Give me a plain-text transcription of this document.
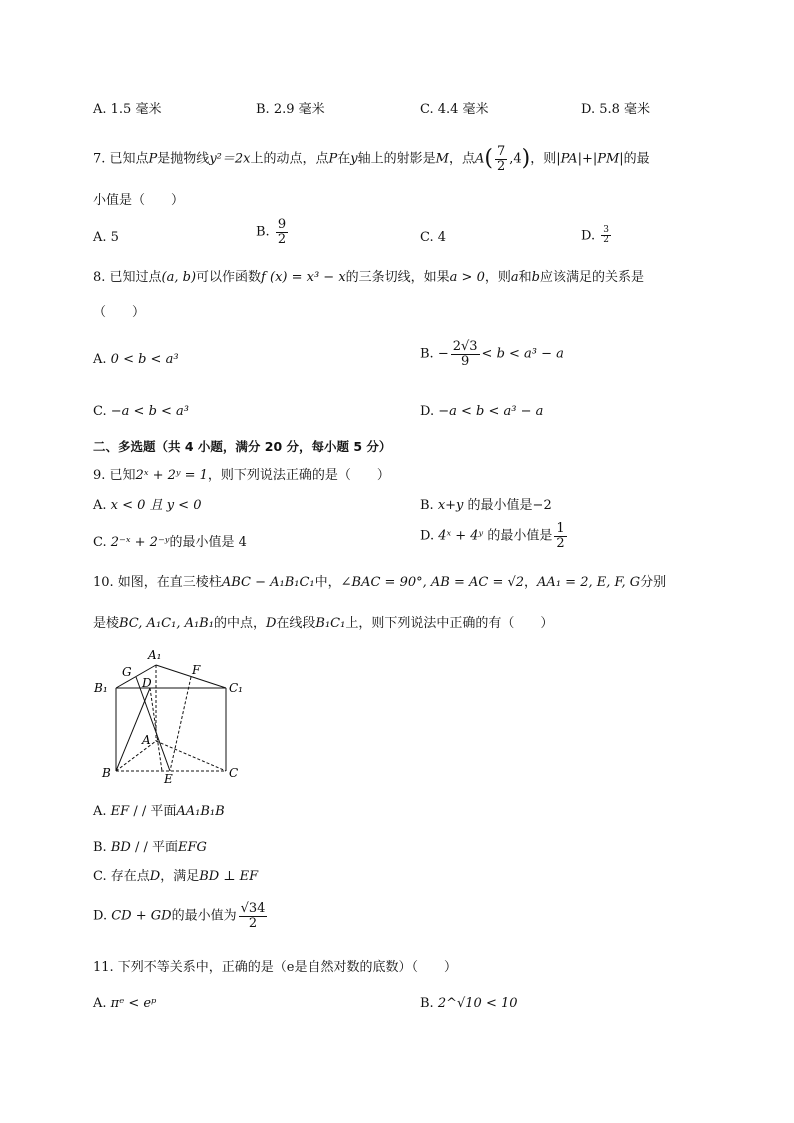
A. 1.5 毫米	B. 2.9 毫米	C. 4.4 毫米	D. 5.8 毫米
7. 已知点P是抛物线y²＝2x上的动点，点P在y轴上的射影是M，点$A( \frac{7}{2} ,4)$，则|PA|+|PM|的最
小值是（　　）
A. 5	B. $\frac{9}{2}$	C. 4	D. $\frac{3}{2}$
8. 已知过点(a, b)可以作函数f (x) = x³ − x的三条切线，如果a > 0，则a和b应该满足的关系是
（　　）
A. 0 < b < a³	B. − $\frac{2√3}{9} < b < a^3 - a$
C. −a < b < a³	D. −a < b < a³ − a
二、多选题（共 4 小题，满分 20 分，每小题 5 分）
9. 已知2ˣ + 2ʸ = 1，则下列说法正确的是（　　）
A. x < 0 且 y < 0	B. x+y 的最小值是−2
C. 2⁻ˣ + 2⁻ʸ的最小值是 4	D. 4ˣ + 4ʸ 的最小值是 $\frac{1}{2}$
10. 如图，在直三棱柱ABC − A₁B₁C₁中，∠BAC = 90°, AB = AC = √2，AA₁ = 2, E, F, G分别
是棱BC, A₁C₁, A₁B₁的中点，D在线段B₁C₁上，则下列说法中正确的有（　　）
A₁
G	F
D
B₁	C₁
A
B	E	C
A. EF / / 平面AA₁B₁B
B. BD / / 平面EFG
C. 存在点D，满足BD ⊥ EF
D. CD + GD的最小值为 $\frac{√34}{2}$
11. 下列不等关系中，正确的是（e是自然对数的底数）（　　）
A. πᵉ < eᵖ	B. 2^√10 < 10
